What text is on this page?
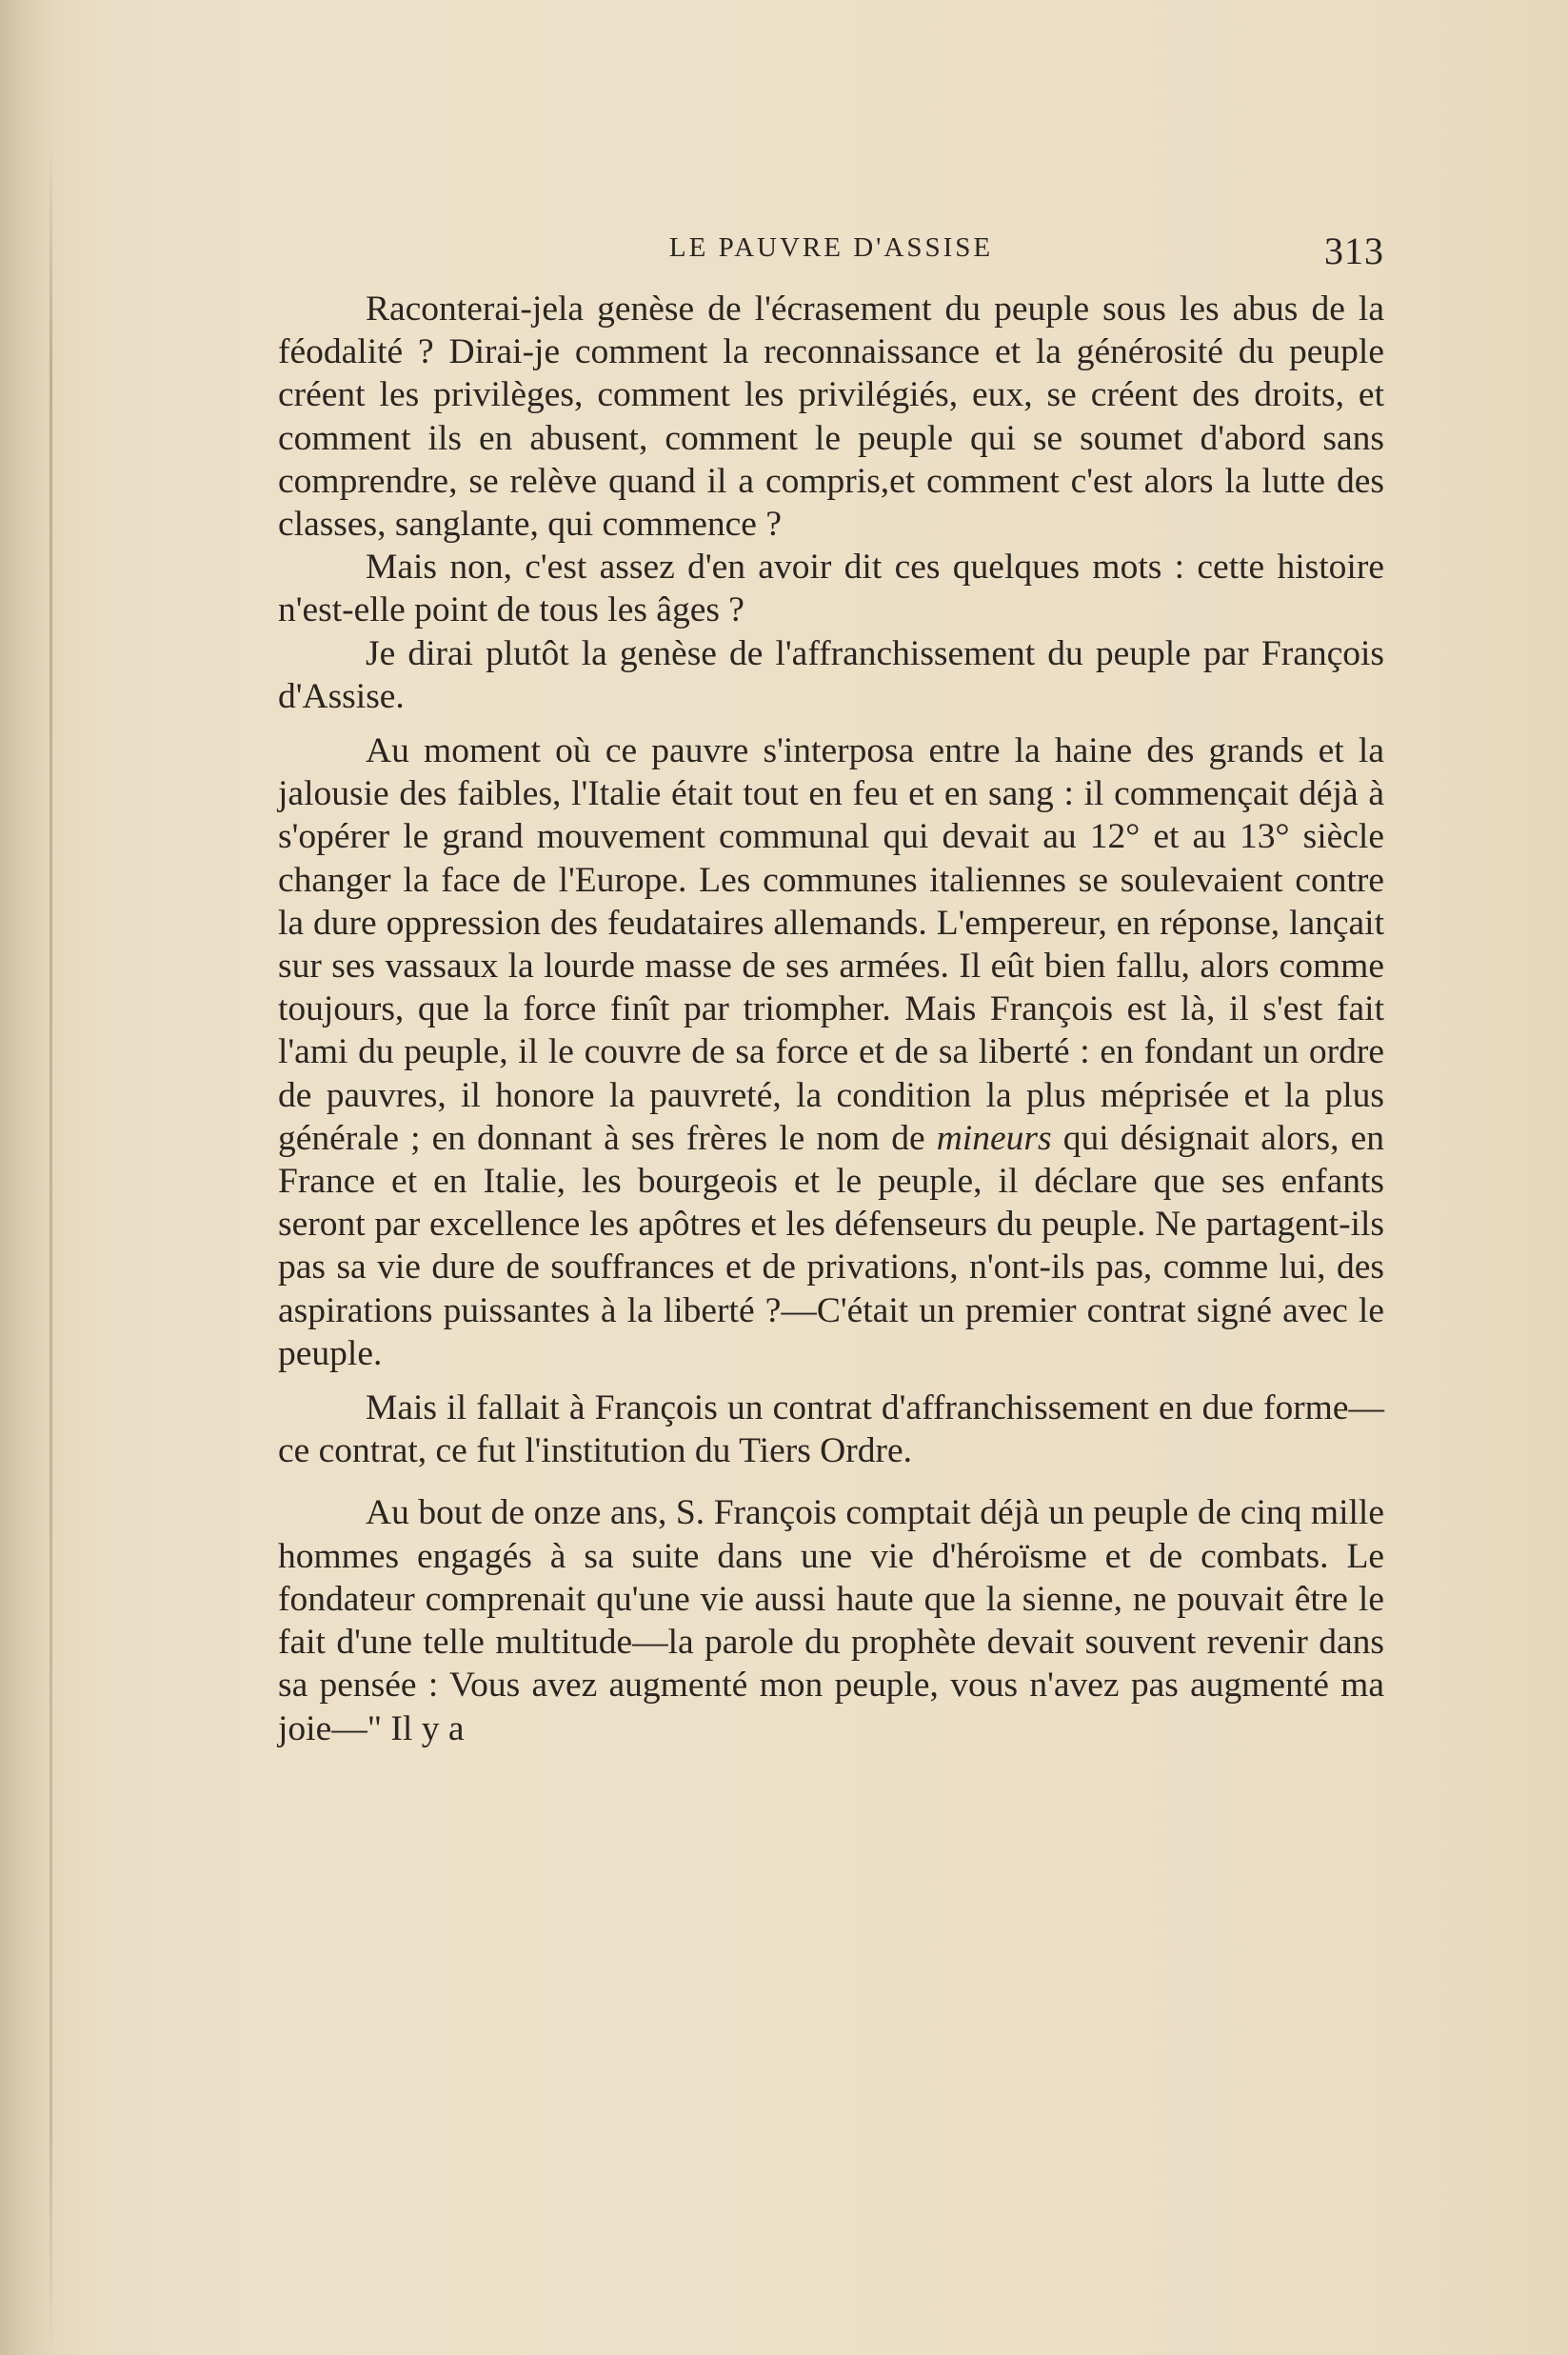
LE PAUVRE D'ASSISE	313

Raconterai-jela genèse de l'écrasement du peuple sous les abus de la féodalité ? Dirai-je comment la reconnaissance et la générosité du peuple créent les privilèges, comment les privilégiés, eux, se créent des droits, et comment ils en abusent, comment le peuple qui se soumet d'abord sans comprendre, se relève quand il a compris,et comment c'est alors la lutte des classes, sanglante, qui commence ?

Mais non, c'est assez d'en avoir dit ces quelques mots : cette histoire n'est-elle point de tous les âges ?

Je dirai plutôt la genèse de l'affranchissement du peuple par François d'Assise.

Au moment où ce pauvre s'interposa entre la haine des grands et la jalousie des faibles, l'Italie était tout en feu et en sang : il commençait déjà à s'opérer le grand mouvement communal qui devait au 12° et au 13° siècle changer la face de l'Europe. Les communes italiennes se soulevaient contre la dure oppression des feudataires allemands. L'empereur, en réponse, lançait sur ses vassaux la lourde masse de ses armées. Il eût bien fallu, alors comme toujours, que la force finît par triompher. Mais François est là, il s'est fait l'ami du peuple, il le couvre de sa force et de sa liberté : en fondant un ordre de pauvres, il honore la pauvreté, la condition la plus méprisée et la plus générale ; en donnant à ses frères le nom de mineurs qui désignait alors, en France et en Italie, les bourgeois et le peuple, il déclare que ses enfants seront par excellence les apôtres et les défenseurs du peuple. Ne partagent-ils pas sa vie dure de souffrances et de privations, n'ont-ils pas, comme lui, des aspirations puissantes à la liberté ?—C'était un premier contrat signé avec le peuple.

Mais il fallait à François un contrat d'affranchissement en due forme—ce contrat, ce fut l'institution du Tiers Ordre.

Au bout de onze ans, S. François comptait déjà un peuple de cinq mille hommes engagés à sa suite dans une vie d'héroïsme et de combats. Le fondateur comprenait qu'une vie aussi haute que la sienne, ne pouvait être le fait d'une telle multitude—la parole du prophète devait souvent revenir dans sa pensée : Vous avez augmenté mon peuple, vous n'avez pas augmenté ma joie—" Il y a
